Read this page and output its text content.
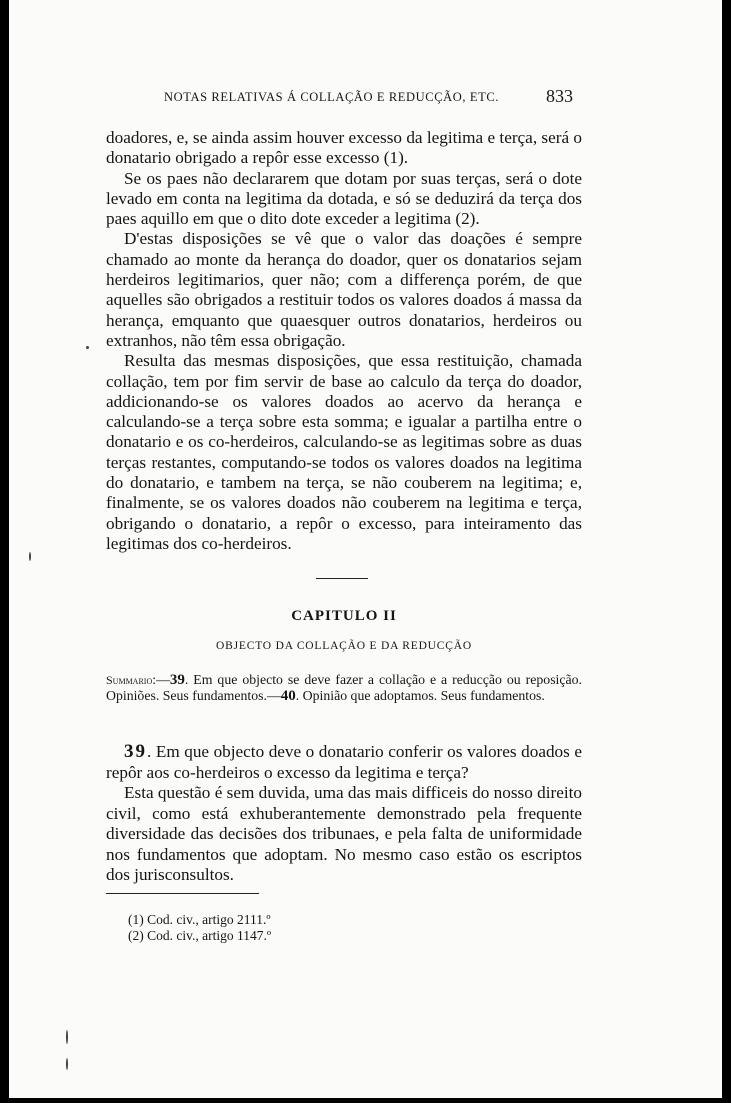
NOTAS RELATIVAS Á COLLAÇÃO E REDUCÇÃO, ETC.	833

doadores, e, se ainda assim houver excesso da legitima e terça, será o donatario obrigado a repôr esse excesso (1).

Se os paes não declararem que dotam por suas terças, será o dote levado em conta na legitima da dotada, e só se deduzirá da terça dos paes aquillo em que o dito dote exceder a legitima (2).

D'estas disposições se vê que o valor das doações é sempre chamado ao monte da herança do doador, quer os donatarios sejam herdeiros legitimarios, quer não; com a differença porém, de que aquelles são obrigados a restituir todos os valores doados á massa da herança, emquanto que quaesquer outros donatarios, herdeiros ou extranhos, não têm essa obrigação.

Resulta das mesmas disposições, que essa restituição, chamada collação, tem por fim servir de base ao calculo da terça do doador, addicionando-se os valores doados ao acervo da herança e calculando-se a terça sobre esta somma; e igualar a partilha entre o donatario e os co-herdeiros, calculando-se as legitimas sobre as duas terças restantes, computando-se todos os valores doados na legitima do donatario, e tambem na terça, se não couberem na legitima; e, finalmente, se os valores doados não couberem na legitima e terça, obrigando o donatario, a repôr o excesso, para inteiramento das legitimas dos co-herdeiros.

CAPITULO II
OBJECTO DA COLLAÇÃO E DA REDUCÇÃO
Summario:—39. Em que objecto se deve fazer a collação e a reducção ou reposição. Opiniões. Seus fundamentos.—40. Opinião que adoptamos. Seus fundamentos.

39. Em que objecto deve o donatario conferir os valores doados e repôr aos co-herdeiros o excesso da legitima e terça?

Esta questão é sem duvida, uma das mais difficeis do nosso direito civil, como está exhuberantemente demonstrado pela frequente diversidade das decisões dos tribunaes, e pela falta de uniformidade nos fundamentos que adoptam. No mesmo caso estão os escriptos dos jurisconsultos.

(1) Cod. civ., artigo 2111.º
(2) Cod. civ., artigo 1147.º
